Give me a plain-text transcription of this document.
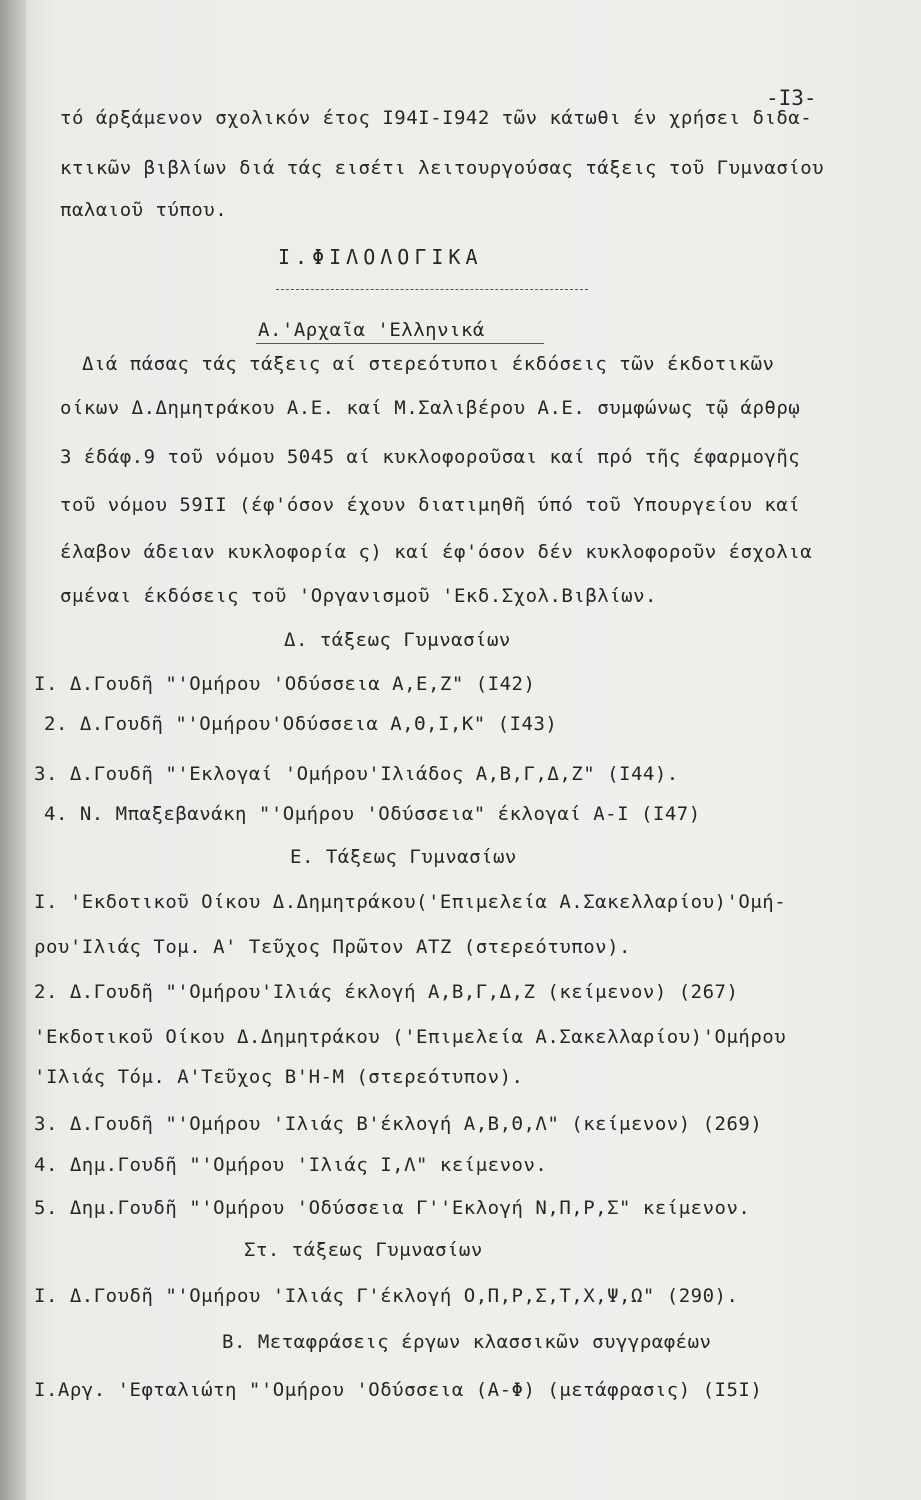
-I3-
τό άρξάμενον σχολικόν έτος I94I-I942 τῶν κάτωθι έν χρήσει διδα-
κτικῶν βιβλίων διά τάς εισέτι λειτουργούσας τάξεις τοῦ Γυμνασίου
παλαιοῦ τύπου.
I.ΦΙΛΟΛΟΓΙΚΑ
Α.'Αρχαῖα 'Ελληνικά
Διά πάσας τάς τάξεις αί στερεότυποι έκδόσεις τῶν έκδοτικῶν
οίκων Δ.Δημητράκου Α.Ε. καί Μ.Σαλιβέρου Α.Ε. συμφώνως τῷ άρθρῳ
3 έδάφ.9 τοῦ νόμου 5045 αί κυκλοφοροῦσαι καί πρό τῆς έφαρμογῆς
τοῦ νόμου 59II (έφ'όσον έχουν διατιμηθῆ ύπό τοῦ Υπουργείου καί
έλαβον άδειαν κυκλοφορία ς) καί έφ'όσον δέν κυκλοφοροῦν έσχολια
σμέναι έκδόσεις τοῦ 'Οργανισμοῦ 'Εκδ.Σχολ.Βιβλίων.
Δ. τάξεως Γυμνασίων
I. Δ.Γουδῆ "'Ομήρου 'Οδύσσεια Α,Ε,Ζ" (I42)
2. Δ.Γουδῆ "'Ομήρου'Οδύσσεια Α,Θ,Ι,Κ" (I43)
3. Δ.Γουδῆ "'Εκλογαί 'Ομήρου'Ιλιάδος Α,Β,Γ,Δ,Ζ" (I44).
4. Ν. Μπαξεβανάκη "'Ομήρου 'Οδύσσεια" έκλογαί Α-Ι (I47)
Ε. Τάξεως Γυμνασίων
I. 'Εκδοτικοῦ Οίκου Δ.Δημητράκου('Επιμελεία Α.Σακελλαρίου)'Ομή-
ρου'Ιλιάς Τομ. Α' Τεῦχος Πρῶτον ΑΤΖ (στερεότυπον).
2. Δ.Γουδῆ "'Ομήρου'Ιλιάς έκλογή Α,Β,Γ,Δ,Ζ (κείμενον) (267)
'Εκδοτικοῦ Οίκου Δ.Δημητράκου ('Επιμελεία Α.Σακελλαρίου)'Ομήρου
'Ιλιάς Τόμ. Α'Τεῦχος Β'Η-Μ (στερεότυπον).
3. Δ.Γουδῆ "'Ομήρου 'Ιλιάς Β'έκλογή Α,Β,Θ,Λ" (κείμενον) (269)
4. Δημ.Γουδῆ "'Ομήρου 'Ιλιάς Ι,Λ" κείμενον.
5. Δημ.Γουδῆ "'Ομήρου 'Οδύσσεια Γ''Εκλογή Ν,Π,Ρ,Σ" κείμενον.
Στ. τάξεως Γυμνασίων
I. Δ.Γουδῆ "'Ομήρου 'Ιλιάς Γ'έκλογή Ο,Π,Ρ,Σ,Τ,Χ,Ψ,Ω" (290).
Β. Μεταφράσεις έργων κλασσικῶν συγγραφέων
I.Αργ. 'Εφταλιώτη "'Ομήρου 'Οδύσσεια (Α-Φ) (μετάφρασις) (I5I)
